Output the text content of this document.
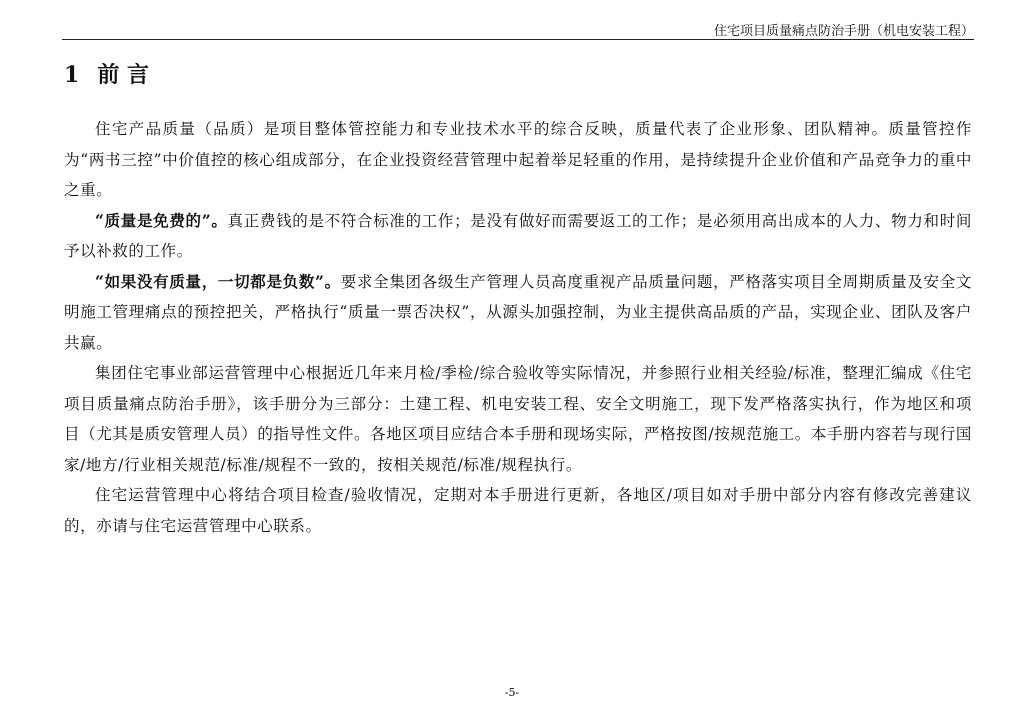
住宅项目质量痛点防治手册（机电安装工程）
1 前 言

住宅产品质量（品质）是项目整体管控能力和专业技术水平的综合反映，质量代表了企业形象、团队精神。质量管控作为“两书三控”中价值控的核心组成部分，在企业投资经营管理中起着举足轻重的作用，是持续提升企业价值和产品竞争力的重中之重。

“质量是免费的”。真正费钱的是不符合标准的工作；是没有做好而需要返工的工作；是必须用高出成本的人力、物力和时间予以补救的工作。

“如果没有质量，一切都是负数”。要求全集团各级生产管理人员高度重视产品质量问题，严格落实项目全周期质量及安全文明施工管理痛点的预控把关，严格执行“质量一票否决权”，从源头加强控制，为业主提供高品质的产品，实现企业、团队及客户共赢。

集团住宅事业部运营管理中心根据近几年来月检/季检/综合验收等实际情况，并参照行业相关经验/标准，整理汇编成《住宅项目质量痛点防治手册》，该手册分为三部分：土建工程、机电安装工程、安全文明施工，现下发严格落实执行，作为地区和项目（尤其是质安管理人员）的指导性文件。各地区项目应结合本手册和现场实际，严格按图/按规范施工。本手册内容若与现行国家/地方/行业相关规范/标准/规程不一致的，按相关规范/标准/规程执行。

住宅运营管理中心将结合项目检查/验收情况，定期对本手册进行更新，各地区/项目如对手册中部分内容有修改完善建议的，亦请与住宅运营管理中心联系。

-5-
